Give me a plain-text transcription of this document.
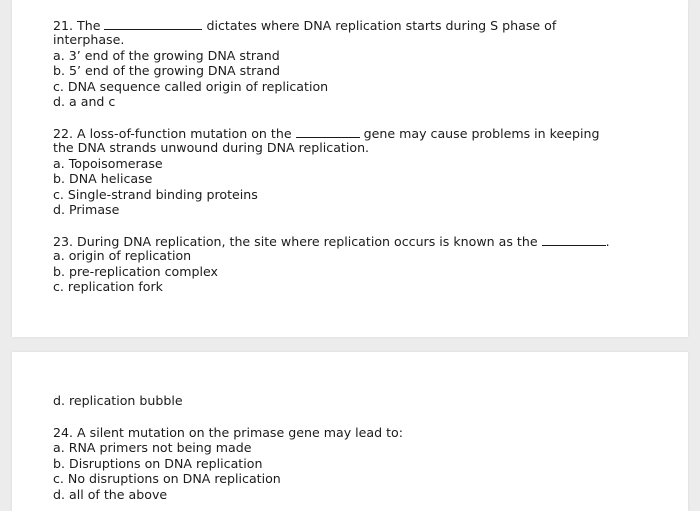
21. The	dictates where DNA replication starts during S phase of
interphase.
a. 3’ end of the growing DNA strand
b. 5’ end of the growing DNA strand
c. DNA sequence called origin of replication
d. a and c
22. A loss-of-function mutation on the	gene may cause problems in keeping
the DNA strands unwound during DNA replication.
a. Topoisomerase
b. DNA helicase
c. Single-strand binding proteins
d. Primase
23. During DNA replication, the site where replication occurs is known as the	.
a. origin of replication
b. pre-replication complex
c. replication fork
d. replication bubble
24. A silent mutation on the primase gene may lead to:
a. RNA primers not being made
b. Disruptions on DNA replication
c. No disruptions on DNA replication
d. all of the above
